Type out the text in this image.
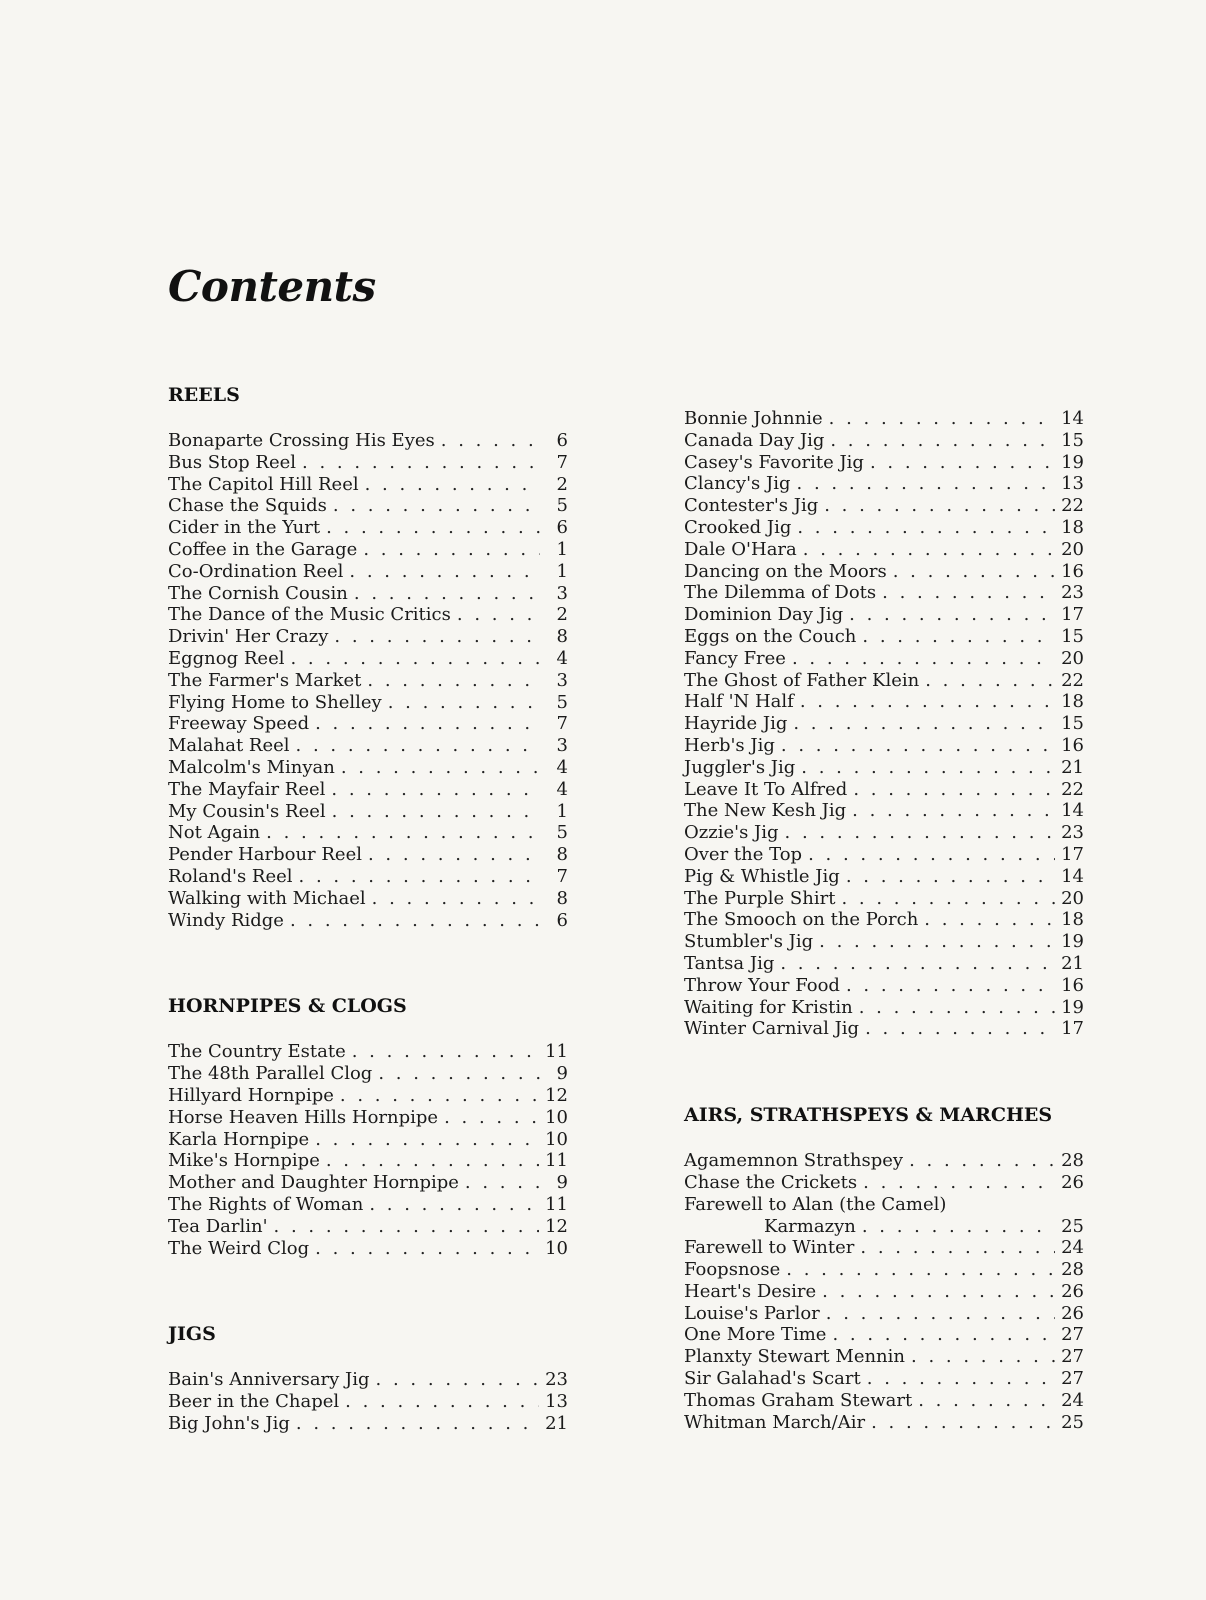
Contents
REELS
Bonaparte Crossing His Eyes . . .	6
Bus Stop Reel . . .	7
The Capitol Hill Reel . . .	2
Chase the Squids . . .	5
Cider in the Yurt . . .	6
Coffee in the Garage . . .	1
Co-Ordination Reel . . .	1
The Cornish Cousin . . .	3
The Dance of the Music Critics . . .	2
Drivin' Her Crazy . . .	8
Eggnog Reel . . .	4
The Farmer's Market . . .	3
Flying Home to Shelley . . .	5
Freeway Speed . . .	7
Malahat Reel . . .	3
Malcolm's Minyan . . .	4
The Mayfair Reel . . .	4
My Cousin's Reel . . .	1
Not Again . . .	5
Pender Harbour Reel . . .	8
Roland's Reel . . .	7
Walking with Michael . . .	8
Windy Ridge . . .	6
HORNPIPES & CLOGS
The Country Estate . . .	11
The 48th Parallel Clog . . .	9
Hillyard Hornpipe . . .	12
Horse Heaven Hills Hornpipe . . .	10
Karla Hornpipe . . .	10
Mike's Hornpipe . . .	11
Mother and Daughter Hornpipe . . .	9
The Rights of Woman . . .	11
Tea Darlin' . . .	12
The Weird Clog . . .	10
JIGS
Bain's Anniversary Jig . . .	23
Beer in the Chapel . . .	13
Big John's Jig . . .	21
Bonnie Johnnie . . .	14
Canada Day Jig . . .	15
Casey's Favorite Jig . . .	19
Clancy's Jig . . .	13
Contester's Jig . . .	22
Crooked Jig . . .	18
Dale O'Hara . . .	20
Dancing on the Moors . . .	16
The Dilemma of Dots . . .	23
Dominion Day Jig . . .	17
Eggs on the Couch . . .	15
Fancy Free . . .	20
The Ghost of Father Klein . . .	22
Half 'N Half . . .	18
Hayride Jig . . .	15
Herb's Jig . . .	16
Juggler's Jig . . .	21
Leave It To Alfred . . .	22
The New Kesh Jig . . .	14
Ozzie's Jig . . .	23
Over the Top . . .	17
Pig & Whistle Jig . . .	14
The Purple Shirt . . .	20
The Smooch on the Porch . . .	18
Stumbler's Jig . . .	19
Tantsa Jig . . .	21
Throw Your Food . . .	16
Waiting for Kristin . . .	19
Winter Carnival Jig . . .	17
AIRS, STRATHSPEYS & MARCHES
Agamemnon Strathspey . . .	28
Chase the Crickets . . .	26
Farewell to Alan (the Camel)
Karmazyn . . .	25
Farewell to Winter . . .	24
Foopsnose . . .	28
Heart's Desire . . .	26
Louise's Parlor . . .	26
One More Time . . .	27
Planxty Stewart Mennin . . .	27
Sir Galahad's Scart . . .	27
Thomas Graham Stewart . . .	24
Whitman March/Air . . .	25
